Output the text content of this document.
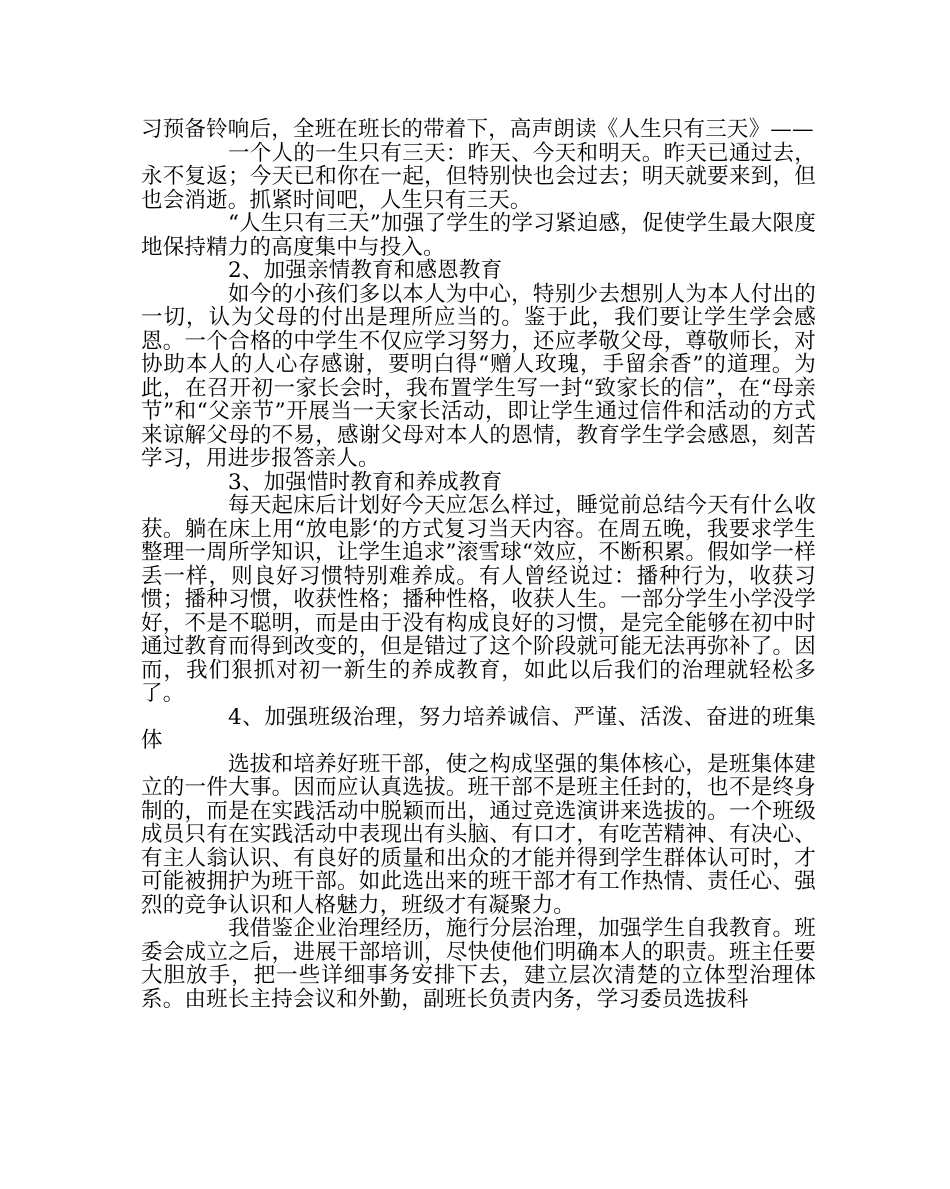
习预备铃响后，全班在班长的带着下，高声朗读《人生只有三天》——

一个人的一生只有三天：昨天、今天和明天。昨天已通过去，永不复返；今天已和你在一起，但特别快也会过去；明天就要来到，但也会消逝。抓紧时间吧，人生只有三天。

“人生只有三天”加强了学生的学习紧迫感，促使学生最大限度地保持精力的高度集中与投入。

2、加强亲情教育和感恩教育

如今的小孩们多以本人为中心，特别少去想别人为本人付出的一切，认为父母的付出是理所应当的。鉴于此，我们要让学生学会感恩。一个合格的中学生不仅应学习努力，还应孝敬父母，尊敬师长，对协助本人的人心存感谢，要明白得“赠人玫瑰，手留余香”的道理。为此，在召开初一家长会时，我布置学生写一封“致家长的信”，在“母亲节”和“父亲节”开展当一天家长活动，即让学生通过信件和活动的方式来谅解父母的不易，感谢父母对本人的恩情，教育学生学会感恩，刻苦学习，用进步报答亲人。

3、加强惜时教育和养成教育

每天起床后计划好今天应怎么样过，睡觉前总结今天有什么收获。躺在床上用“放电影‘的方式复习当天内容。在周五晚，我要求学生整理一周所学知识，让学生追求”滚雪球“效应，不断积累。假如学一样丢一样，则良好习惯特别难养成。有人曾经说过：播种行为，收获习惯；播种习惯，收获性格；播种性格，收获人生。一部分学生小学没学好，不是不聪明，而是由于没有构成良好的习惯，是完全能够在初中时通过教育而得到改变的，但是错过了这个阶段就可能无法再弥补了。因而，我们狠抓对初一新生的养成教育，如此以后我们的治理就轻松多了。

4、加强班级治理，努力培养诚信、严谨、活泼、奋进的班集体

选拔和培养好班干部，使之构成坚强的集体核心，是班集体建立的一件大事。因而应认真选拔。班干部不是班主任封的，也不是终身制的，而是在实践活动中脱颖而出，通过竞选演讲来选拔的。一个班级成员只有在实践活动中表现出有头脑、有口才，有吃苦精神、有决心、有主人翁认识、有良好的质量和出众的才能并得到学生群体认可时，才可能被拥护为班干部。如此选出来的班干部才有工作热情、责任心、强烈的竞争认识和人格魅力，班级才有凝聚力。

我借鉴企业治理经历，施行分层治理，加强学生自我教育。班委会成立之后，进展干部培训，尽快使他们明确本人的职责。班主任要大胆放手，把一些详细事务安排下去，建立层次清楚的立体型治理体系。由班长主持会议和外勤，副班长负责内务，学习委员选拔科
